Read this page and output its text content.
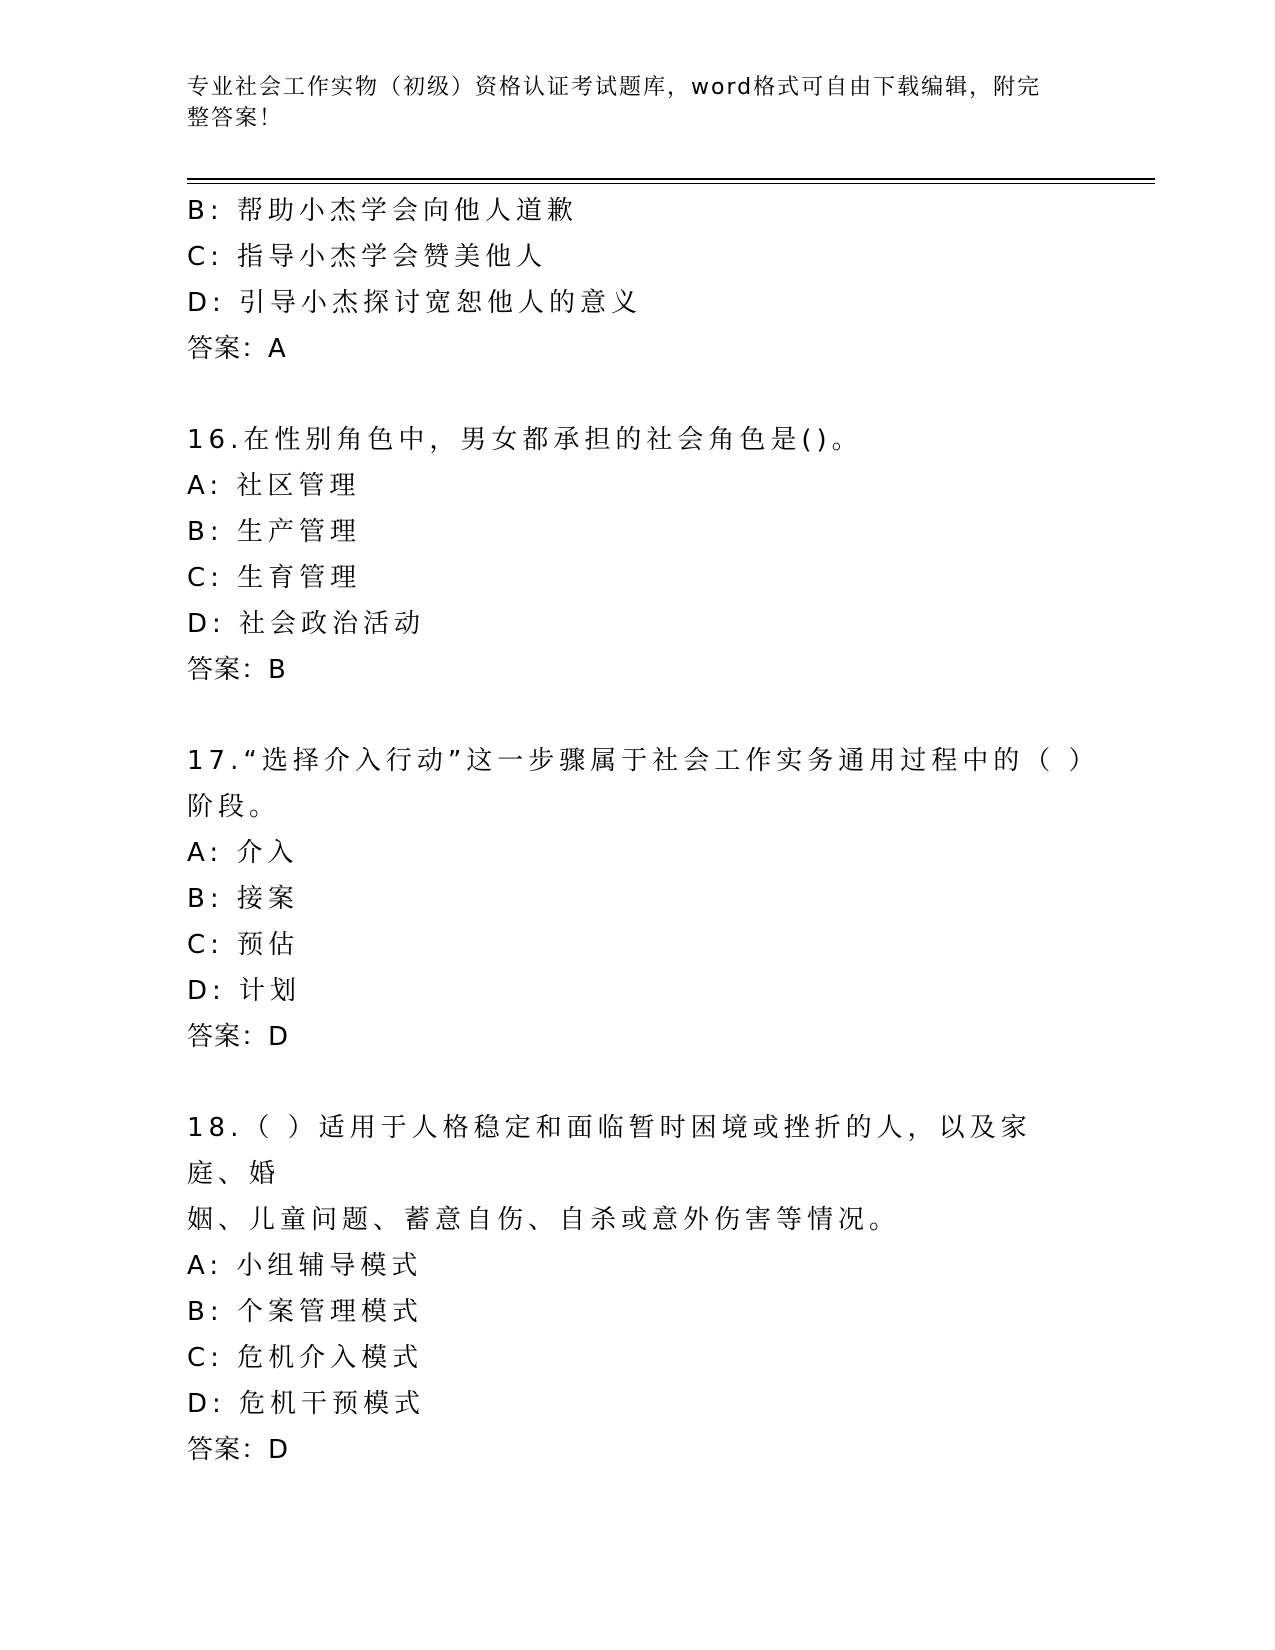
专业社会工作实物（初级）资格认证考试题库，word格式可自由下载编辑，附完
整答案！
B: 帮助小杰学会向他人道歉
C: 指导小杰学会赞美他人
D: 引导小杰探讨宽恕他人的意义
答案：A
16.在性别角色中，男女都承担的社会角色是()。
A: 社区管理
B: 生产管理
C: 生育管理
D: 社会政治活动
答案：B
17.“选择介入行动”这一步骤属于社会工作实务通用过程中的（ ）
阶段。
A: 介入
B: 接案
C: 预估
D: 计划
答案：D
18.（ ）适用于人格稳定和面临暂时困境或挫折的人，以及家庭、婚
姻、儿童问题、蓄意自伤、自杀或意外伤害等情况。
A: 小组辅导模式
B: 个案管理模式
C: 危机介入模式
D: 危机干预模式
答案：D
